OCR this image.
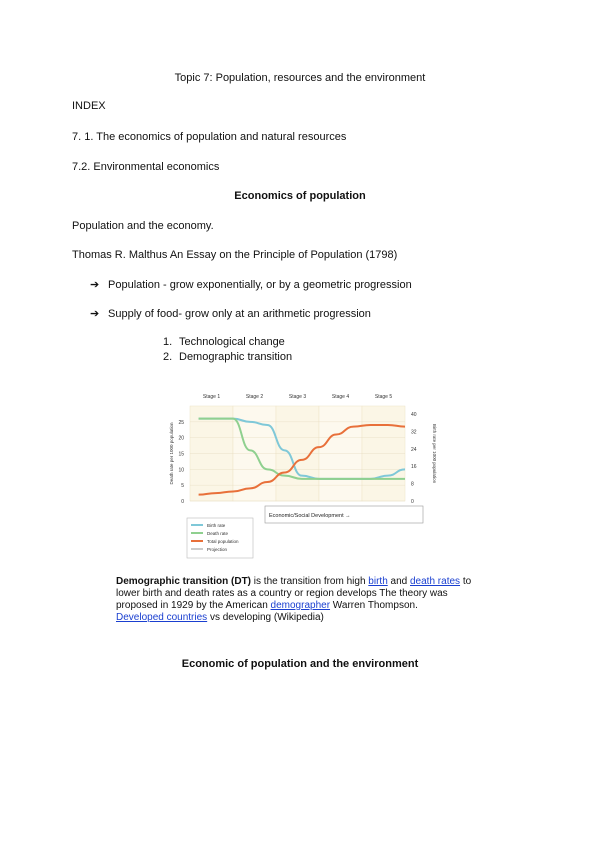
Topic 7: Population, resources and the environment
INDEX
7. 1. The economics of population and natural resources
7.2. Environmental economics
Economics of population
Population and the economy.
Thomas R. Malthus An Essay on the Principle of Population (1798)
➔ Population - grow exponentially, or by a geometric progression
➔ Supply of food- grow only at an arithmetic progression
1. Technological change
2. Demographic transition
Stage 1	Stage 2	Stage 3	Stage 4	Stage 5
0
5
10
15
20
25
0
8
16
24
32
40
Death rate per 1000 population	Birth rate per 1000 population
Economic/Social Development →
Birth rate
Death rate
Total population
Projection
Demographic transition (DT) is the transition from high birth and death rates to lower birth and death rates as a country or region develops The theory was proposed in 1929 by the American demographer Warren Thompson.
Developed countries vs developing (Wikipedia)
Economic of population and the environment
